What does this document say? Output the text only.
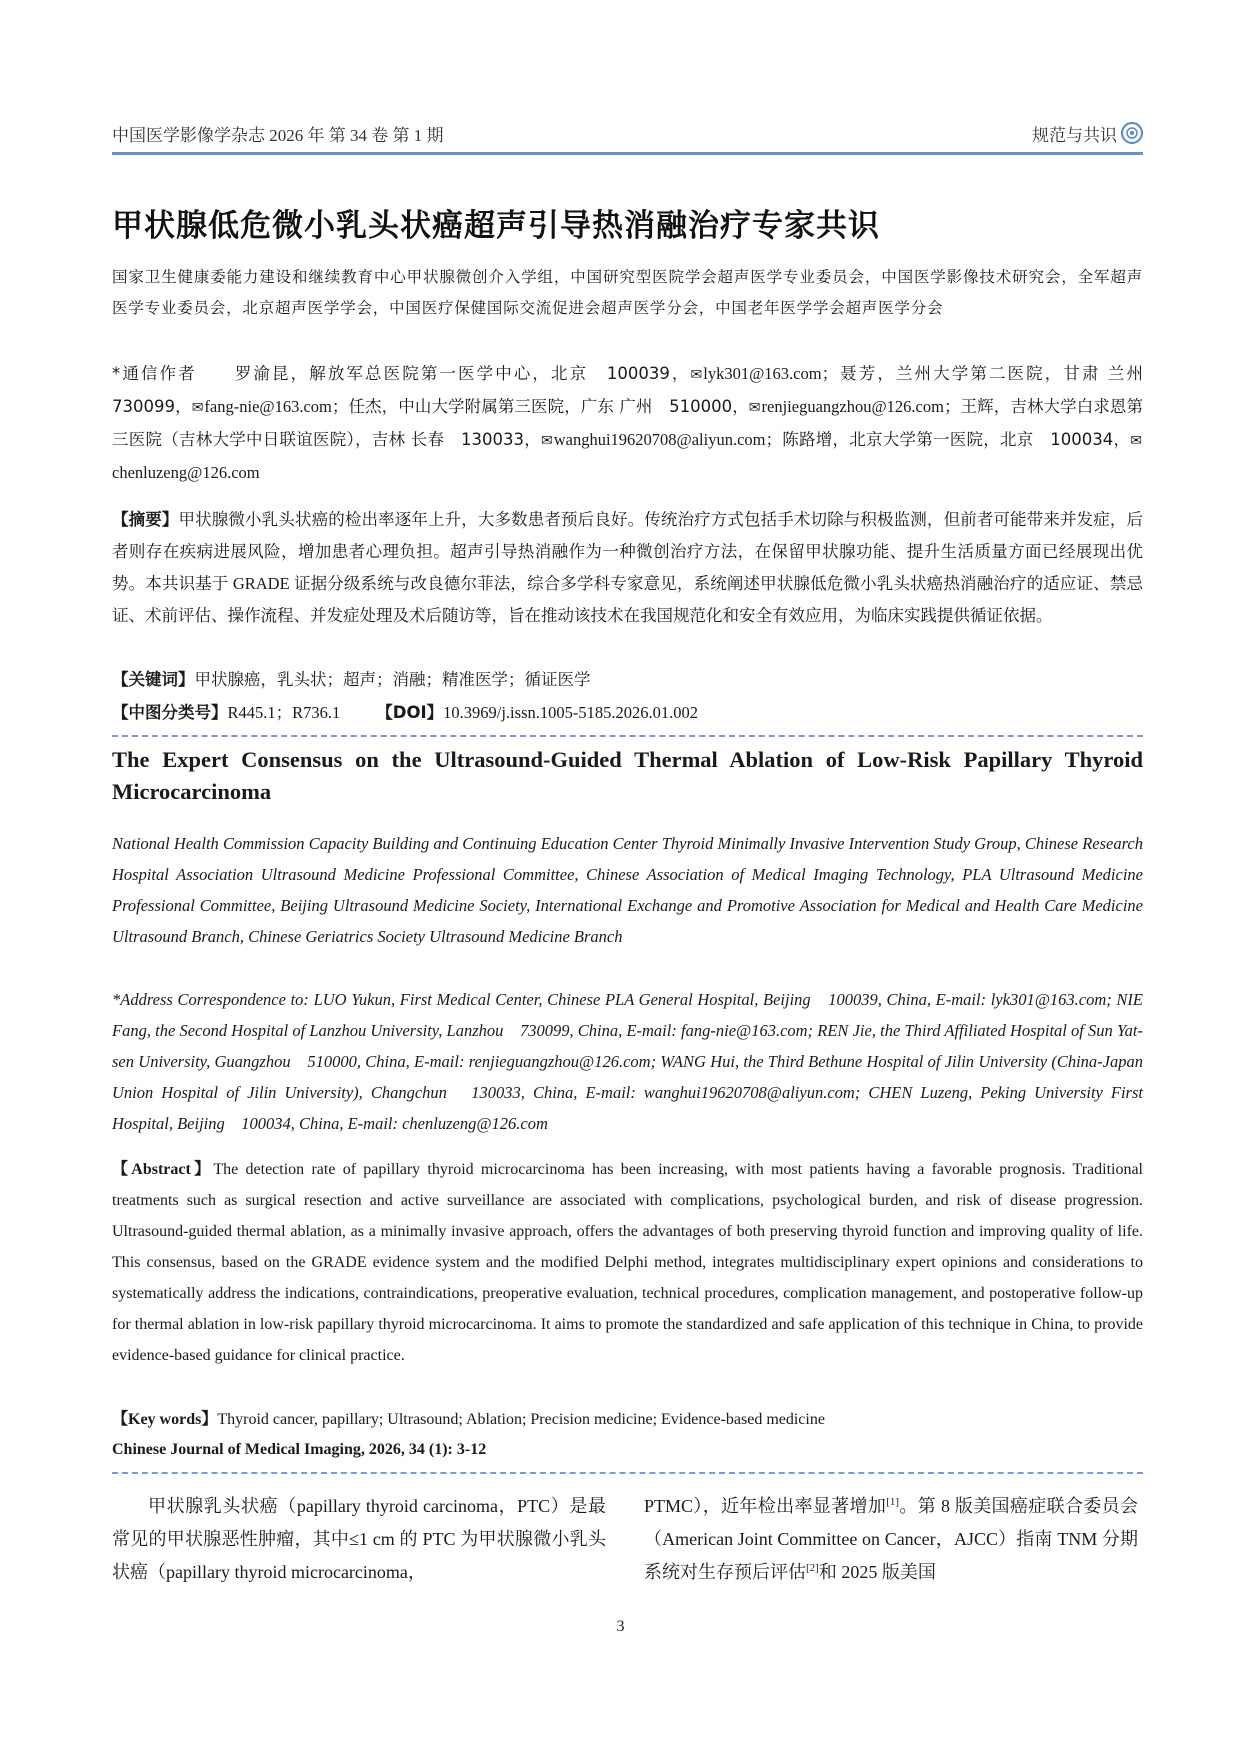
中国医学影像学杂志 2026 年 第 34 卷 第 1 期	规范与共识
甲状腺低危微小乳头状癌超声引导热消融治疗专家共识
国家卫生健康委能力建设和继续教育中心甲状腺微创介入学组，中国研究型医院学会超声医学专业委员会，中国医学影像技术研究会，全军超声医学专业委员会，北京超声医学学会，中国医疗保健国际交流促进会超声医学分会，中国老年医学学会超声医学分会
*通信作者 罗渝昆，解放军总医院第一医学中心，北京　100039，✉lyk301@163.com；聂芳，兰州大学第二医院，甘肃 兰州　730099，✉fang-nie@163.com；任杰，中山大学附属第三医院，广东 广州　510000，✉renjieguangzhou@126.com；王辉，吉林大学白求恩第三医院（吉林大学中日联谊医院），吉林 长春　130033，✉wanghui19620708@aliyun.com；陈路增，北京大学第一医院，北京　100034，✉chenluzeng@126.com
【摘要】甲状腺微小乳头状癌的检出率逐年上升，大多数患者预后良好。传统治疗方式包括手术切除与积极监测，但前者可能带来并发症，后者则存在疾病进展风险，增加患者心理负担。超声引导热消融作为一种微创治疗方法，在保留甲状腺功能、提升生活质量方面已经展现出优势。本共识基于 GRADE 证据分级系统与改良德尔菲法，综合多学科专家意见，系统阐述甲状腺低危微小乳头状癌热消融治疗的适应证、禁忌证、术前评估、操作流程、并发症处理及术后随访等，旨在推动该技术在我国规范化和安全有效应用，为临床实践提供循证依据。
【关键词】甲状腺癌，乳头状；超声；消融；精准医学；循证医学
【中图分类号】R445.1；R736.1 【DOI】10.3969/j.issn.1005-5185.2026.01.002
The Expert Consensus on the Ultrasound-Guided Thermal Ablation of Low-Risk Papillary Thyroid Microcarcinoma
National Health Commission Capacity Building and Continuing Education Center Thyroid Minimally Invasive Intervention Study Group, Chinese Research Hospital Association Ultrasound Medicine Professional Committee, Chinese Association of Medical Imaging Technology, PLA Ultrasound Medicine Professional Committee, Beijing Ultrasound Medicine Society, International Exchange and Promotive Association for Medical and Health Care Medicine Ultrasound Branch, Chinese Geriatrics Society Ultrasound Medicine Branch
*Address Correspondence to: LUO Yukun, First Medical Center, Chinese PLA General Hospital, Beijing　100039, China, E-mail: lyk301@163.com; NIE Fang, the Second Hospital of Lanzhou University, Lanzhou　730099, China, E-mail: fang-nie@163.com; REN Jie, the Third Affiliated Hospital of Sun Yat-sen University, Guangzhou　510000, China, E-mail: renjieguangzhou@126.com; WANG Hui, the Third Bethune Hospital of Jilin University (China-Japan Union Hospital of Jilin University), Changchun　130033, China, E-mail: wanghui19620708@aliyun.com; CHEN Luzeng, Peking University First Hospital, Beijing　100034, China, E-mail: chenluzeng@126.com
【Abstract】The detection rate of papillary thyroid microcarcinoma has been increasing, with most patients having a favorable prognosis. Traditional treatments such as surgical resection and active surveillance are associated with complications, psychological burden, and risk of disease progression. Ultrasound-guided thermal ablation, as a minimally invasive approach, offers the advantages of both preserving thyroid function and improving quality of life. This consensus, based on the GRADE evidence system and the modified Delphi method, integrates multidisciplinary expert opinions and considerations to systematically address the indications, contraindications, preoperative evaluation, technical procedures, complication management, and postoperative follow-up for thermal ablation in low-risk papillary thyroid microcarcinoma. It aims to promote the standardized and safe application of this technique in China, to provide evidence-based guidance for clinical practice.
【Key words】Thyroid cancer, papillary; Ultrasound; Ablation; Precision medicine; Evidence-based medicine
Chinese Journal of Medical Imaging, 2026, 34 (1): 3-12
甲状腺乳头状癌（papillary thyroid carcinoma，PTC）是最常见的甲状腺恶性肿瘤，其中≤1 cm 的 PTC 为甲状腺微小乳头状癌（papillary thyroid microcarcinoma，
PTMC），近年检出率显著增加[1]。第 8 版美国癌症联合委员会（American Joint Committee on Cancer，AJCC）指南 TNM 分期系统对生存预后评估[2]和 2025 版美国
3
